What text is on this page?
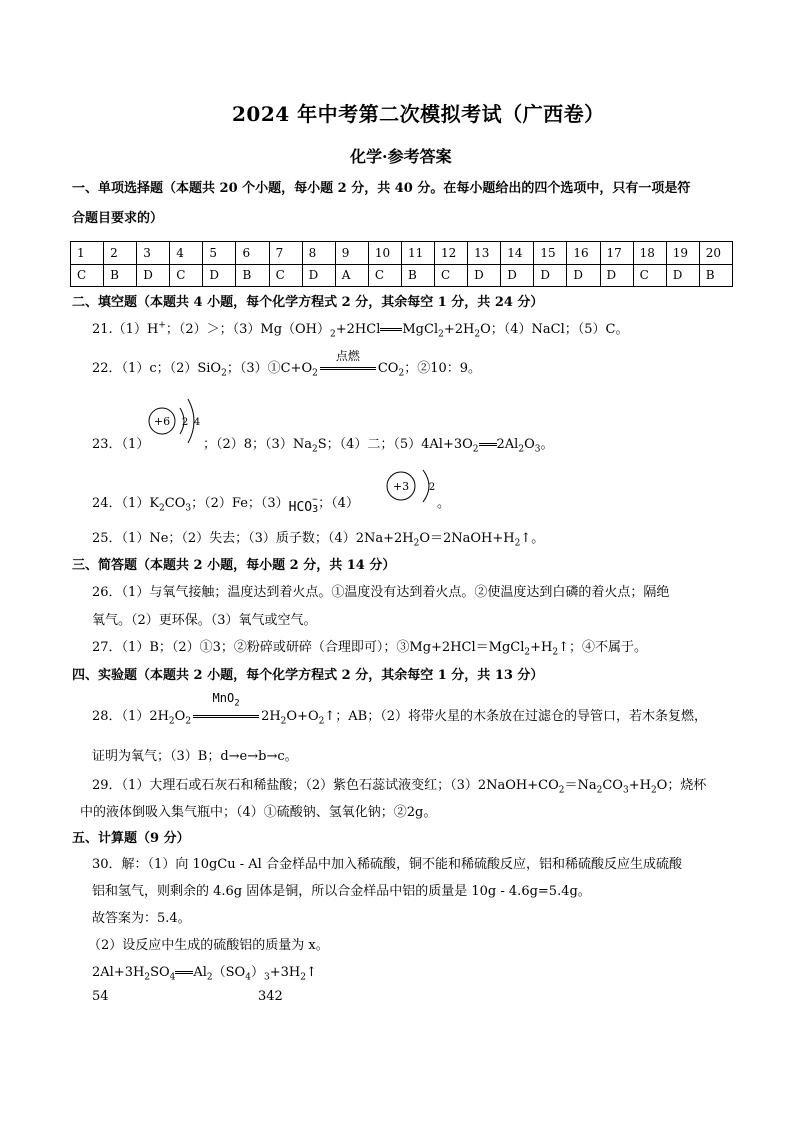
2024 年中考第二次模拟考试（广西卷）
化学·参考答案
一、单项选择题（本题共 20 个小题，每小题 2 分，共 40 分。在每小题给出的四个选项中，只有一项是符
合题目要求的）
1	2	3	4	5	6	7	8	9	10	11	12	13	14	15	16	17	18	19	20
C	B	D	C	D	B	C	D	A	C	B	C	D	D	D	D	D	C	D	B
二、填空题（本题共 4 小题，每个化学方程式 2 分，其余每空 1 分，共 24 分）
21.（1）H+；（2）＞；$(3)Mg(OH)_2+2HCl$ $MgCl_2+2H_2O$；（4）NaCl；（5）C。
22．（1）c；（2）SiO$_2$；$(3)①C+O_2$
点燃
$CO_2$；②10：9。
23．（1）
+6 2 4
；（2）8；$(3)Na_2S$；（4）二；$(5)4Al+3O_2$ $2Al_2O_3$。
24．$(1)K_2CO_3$；（2）Fe；（3）HCO −
3 ；（4）
+3 2
。
25．（1）Ne；（2）失去；（3）质子数；$(4)2Na+2H_2O=2NaOH+H_2↑$。
三、简答题（本题共 2 小题，每小题 2 分，共 14 分）
26．（1）与氧气接触；温度达到着火点。①温度没有达到着火点。②使温度达到白磷的着火点；隔绝
氧气。（2）更环保。（3）氧气或空气。
27．（1）B；（2）①3；②粉碎或研碎（合理即可）；$③Mg+2HCl=MgCl_2+H_2↑$；④不属于。
四、实验题（本题共 2 小题，每个化学方程式 2 分，其余每空 1 分，共 13 分）
28．$(1)2H_2O_2$
MnO$_2$
$2H_2O+O_2↑$；AB；（2）将带火星的木条放在过滤仓的导管口，若木条复燃，
证明为氧气；（3）B；d→e→b→c。
29．（1）大理石或石灰石和稀盐酸；（2）紫色石蕊试液变红；$(3)2NaOH+CO_2=Na_2CO_3+H_2O$；烧杯
中的液体倒吸入集气瓶中；（4）①硫酸钠、氢氧化钠；②2g。
五、计算题（9 分）
30．解：（1）向 10gCu - Al 合金样品中加入稀硫酸，铜不能和稀硫酸反应，铝和稀硫酸反应生成硫酸
铝和氢气，则剩余的 4.6g 固体是铜，所以合金样品中铝的质量是 10g - 4.6g=5.4g。
故答案为：5.4。
（2）设反应中生成的硫酸铝的质量为 x。
$2Al+3H_2SO_4$ $Al_2(SO_4)_3+3H_2↑$
54	342
